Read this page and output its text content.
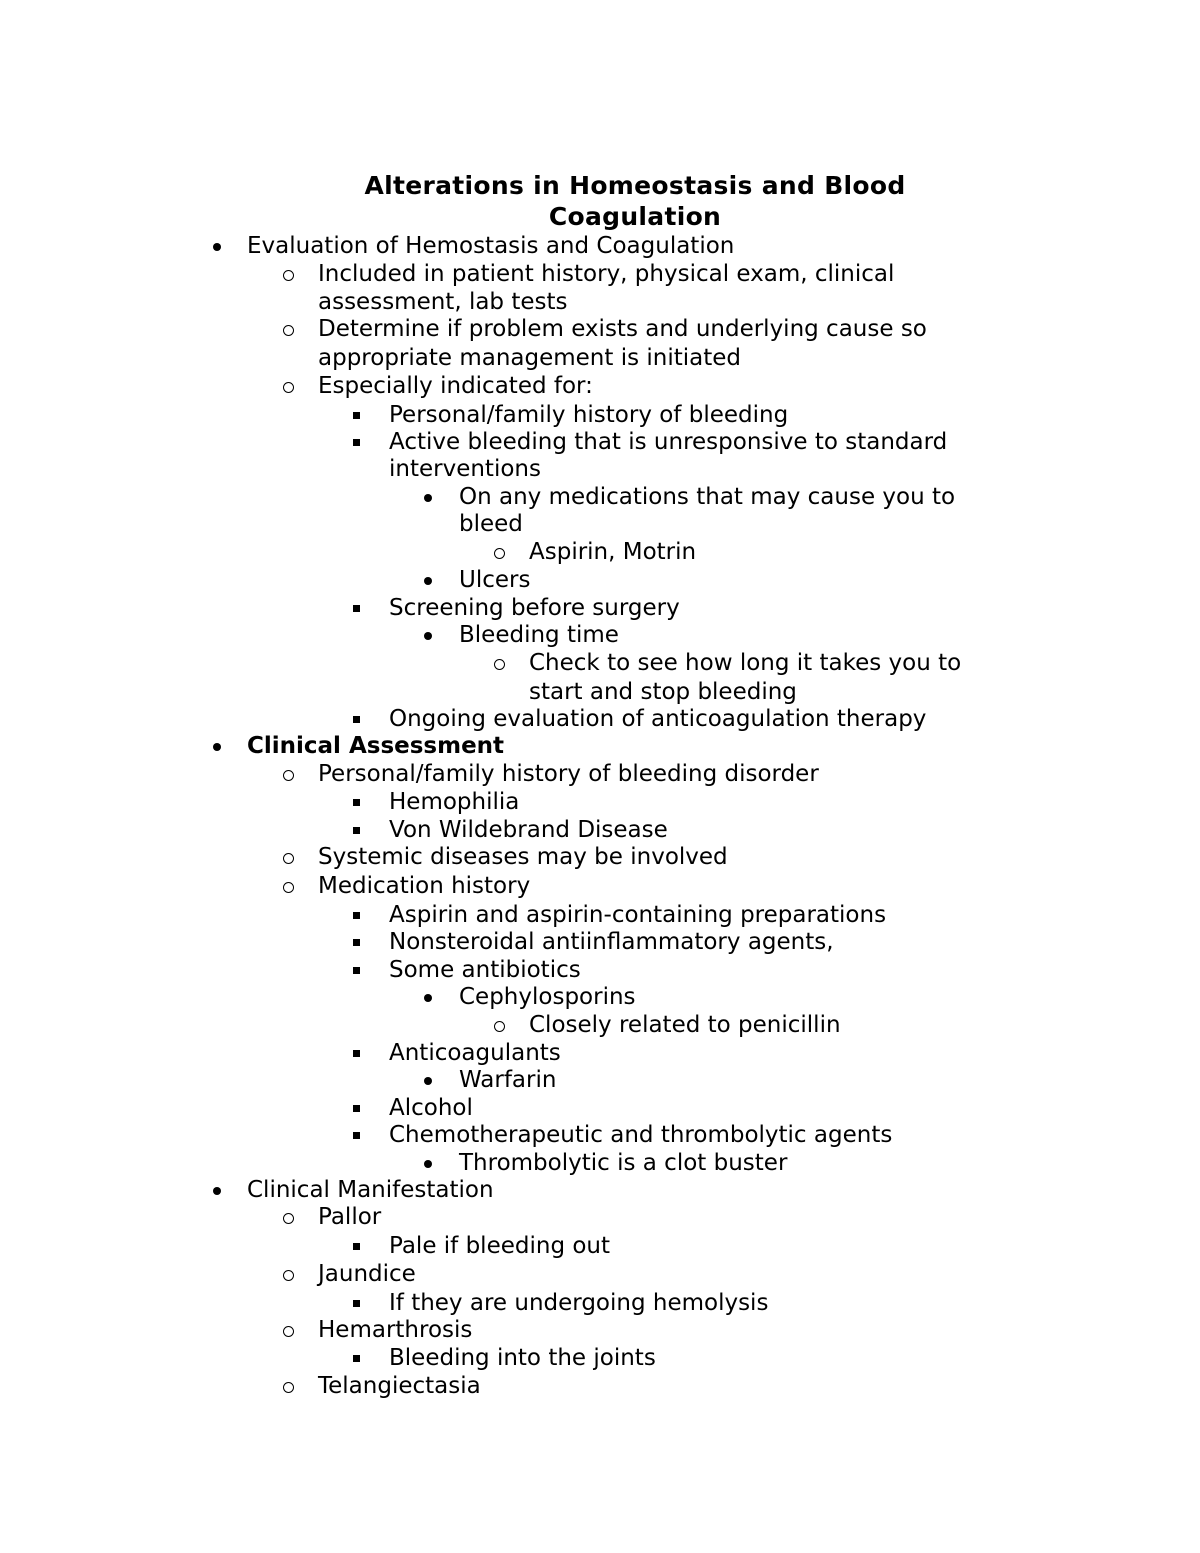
Alterations in Homeostasis and Blood Coagulation
Evaluation of Hemostasis and Coagulation
Included in patient history, physical exam, clinical
assessment, lab tests
Determine if problem exists and underlying cause so
appropriate management is initiated
Especially indicated for:
Personal/family history of bleeding
Active bleeding that is unresponsive to standard
interventions
On any medications that may cause you to
bleed
Aspirin, Motrin
Ulcers
Screening before surgery
Bleeding time
Check to see how long it takes you to
start and stop bleeding
Ongoing evaluation of anticoagulation therapy
Clinical Assessment
Personal/family history of bleeding disorder
Hemophilia
Von Wildebrand Disease
Systemic diseases may be involved
Medication history
Aspirin and aspirin-containing preparations
Nonsteroidal antiinflammatory agents,
Some antibiotics
Cephylosporins
Closely related to penicillin
Anticoagulants
Warfarin
Alcohol
Chemotherapeutic and thrombolytic agents
Thrombolytic is a clot buster
Clinical Manifestation
Pallor
Pale if bleeding out
Jaundice
If they are undergoing hemolysis
Hemarthrosis
Bleeding into the joints
Telangiectasia
